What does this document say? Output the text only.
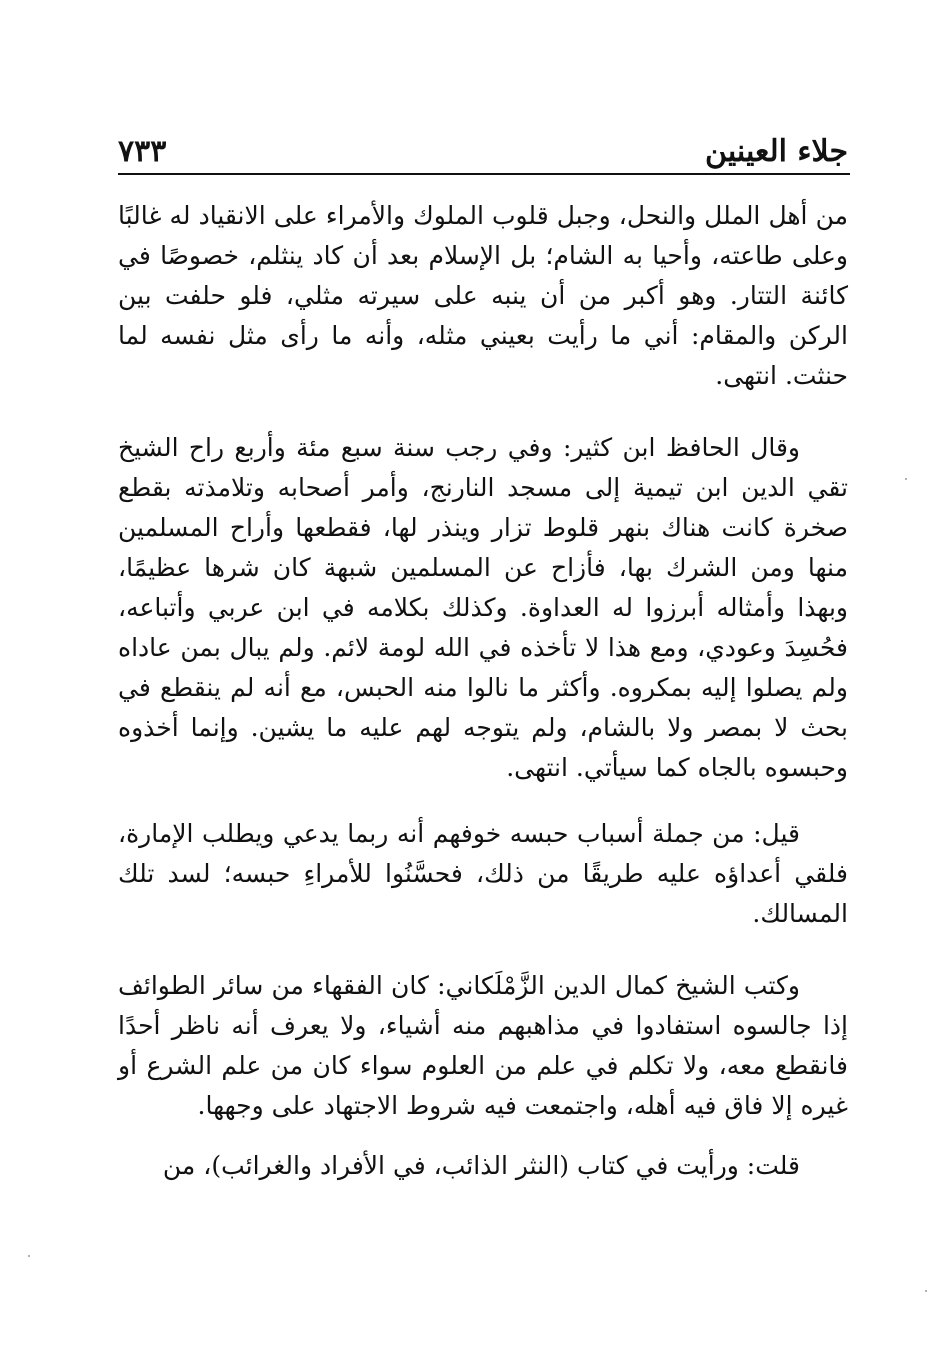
جلاء العينين
٧٣٣

من أهل الملل والنحل، وجبل قلوب الملوك والأمراء على الانقياد له غالبًا وعلى طاعته، وأحيا به الشام؛ بل الإسلام بعد أن كاد ينثلم، خصوصًا في كائنة التتار. وهو أكبر من أن ينبه على سيرته مثلي، فلو حلفت بين الركن والمقام: أني ما رأيت بعيني مثله، وأنه ما رأى مثل نفسه لما حنثت. انتهى.

وقال الحافظ ابن كثير: وفي رجب سنة سبع مئة وأربع راح الشيخ تقي الدين ابن تيمية إلى مسجد النارنج، وأمر أصحابه وتلامذته بقطع صخرة كانت هناك بنهر قلوط تزار وينذر لها، فقطعها وأراح المسلمين منها ومن الشرك بها، فأزاح عن المسلمين شبهة كان شرها عظيمًا، وبهذا وأمثاله أبرزوا له العداوة. وكذلك بكلامه في ابن عربي وأتباعه، فحُسِدَ وعودي، ومع هذا لا تأخذه في الله لومة لائم. ولم يبال بمن عاداه ولم يصلوا إليه بمكروه. وأكثر ما نالوا منه الحبس، مع أنه لم ينقطع في بحث لا بمصر ولا بالشام، ولم يتوجه لهم عليه ما يشين. وإنما أخذوه وحبسوه بالجاه كما سيأتي. انتهى.

قيل: من جملة أسباب حبسه خوفهم أنه ربما يدعي ويطلب الإمارة، فلقي أعداؤه عليه طريقًا من ذلك، فحسَّنُوا للأمراءِ حبسه؛ لسد تلك المسالك.

وكتب الشيخ كمال الدين الزَّمْلَكاني: كان الفقهاء من سائر الطوائف إذا جالسوه استفادوا في مذاهبهم منه أشياء، ولا يعرف أنه ناظر أحدًا فانقطع معه، ولا تكلم في علم من العلوم سواء كان من علم الشرع أو غيره إلا فاق فيه أهله، واجتمعت فيه شروط الاجتهاد على وجهها.

قلت: ورأيت في كتاب (النثر الذائب، في الأفراد والغرائب)، من
